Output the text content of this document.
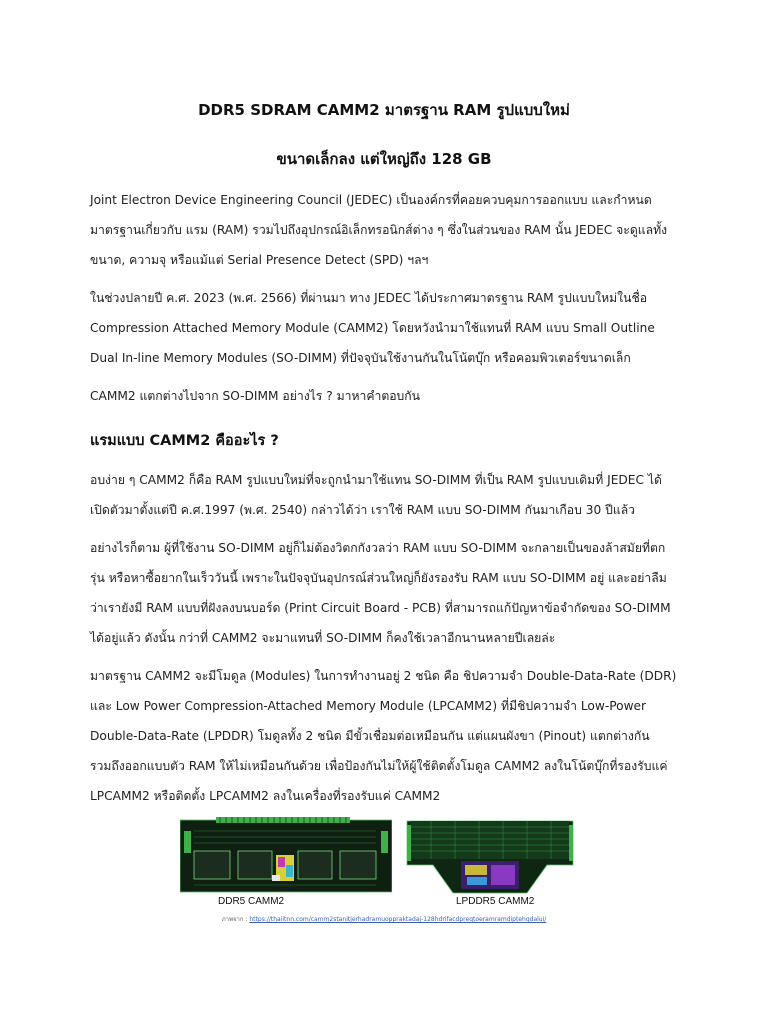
DDR5 SDRAM CAMM2 มาตรฐาน RAM รูปแบบใหม่
ขนาดเล็กลง แต่ใหญ่ถึง 128 GB
Joint Electron Device Engineering Council (JEDEC) เป็นองค์กรที่คอยควบคุมการออกแบบ และกำหนด
มาตรฐานเกี่ยวกับ แรม (RAM) รวมไปถึงอุปกรณ์อิเล็กทรอนิกส์ต่าง ๆ ซึ่งในส่วนของ RAM นั้น JEDEC จะดูแลทั้ง
ขนาด, ความจุ หรือแม้แต่ Serial Presence Detect (SPD) ฯลฯ
ในช่วงปลายปี ค.ศ. 2023 (พ.ศ. 2566) ที่ผ่านมา ทาง JEDEC ได้ประกาศมาตรฐาน RAM รูปแบบใหม่ในชื่อ
Compression Attached Memory Module (CAMM2) โดยหวังนำมาใช้แทนที่ RAM แบบ Small Outline
Dual In-line Memory Modules (SO-DIMM) ที่ปัจจุบันใช้งานกันในโน้ตบุ๊ก หรือคอมพิวเตอร์ขนาดเล็ก
CAMM2 แตกต่างไปจาก SO-DIMM อย่างไร ? มาหาคำตอบกัน
แรมแบบ CAMM2 คืออะไร ?
อบง่าย ๆ CAMM2 ก็คือ RAM รูปแบบใหม่ที่จะถูกนำมาใช้แทน SO-DIMM ที่เป็น RAM รูปแบบเดิมที่ JEDEC ได้
เปิดตัวมาตั้งแต่ปี ค.ศ.1997 (พ.ศ. 2540) กล่าวได้ว่า เราใช้ RAM แบบ SO-DIMM กันมาเกือบ 30 ปีแล้ว
อย่างไรก็ตาม ผู้ที่ใช้งาน SO-DIMM อยู่ก็ไม่ต้องวิตกกังวลว่า RAM แบบ SO-DIMM จะกลายเป็นของล้าสมัยที่ตก
รุ่น หรือหาซื้อยากในเร็ววันนี้ เพราะในปัจจุบันอุปกรณ์ส่วนใหญ่ก็ยังรองรับ RAM แบบ SO-DIMM อยู่ และอย่าลืม
ว่าเรายังมี RAM แบบที่ฝังลงบนบอร์ด (Print Circuit Board - PCB) ที่สามารถแก้ปัญหาข้อจำกัดของ SO-DIMM
ได้อยู่แล้ว ดังนั้น กว่าที่ CAMM2 จะมาแทนที่ SO-DIMM ก็คงใช้เวลาอีกนานหลายปีเลยล่ะ
มาตรฐาน CAMM2 จะมีโมดูล (Modules) ในการทำงานอยู่ 2 ชนิด คือ ชิปความจำ Double-Data-Rate (DDR)
และ Low Power Compression-Attached Memory Module (LPCAMM2) ที่มีชิปความจำ Low-Power
Double-Data-Rate (LPDDR) โมดูลทั้ง 2 ชนิด มีขั้วเชื่อมต่อเหมือนกัน แต่แผนผังขา (Pinout) แตกต่างกัน
รวมถึงออกแบบตัว RAM ให้ไม่เหมือนกันด้วย เพื่อป้องกันไม่ให้ผู้ใช้ติดตั้งโมดูล CAMM2 ลงในโน้ตบุ๊กที่รองรับแค่
LPCAMM2 หรือติดตั้ง LPCAMM2 ลงในเครื่องที่รองรับแค่ CAMM2
DDR5 CAMM2	LPDDR5 CAMM2
ภาพจาก : https://thaiitnn.com/camm2stanitjerhadramuoppraktadaj-128hdrifacdpreqtoeramramdiptehqdalui/
